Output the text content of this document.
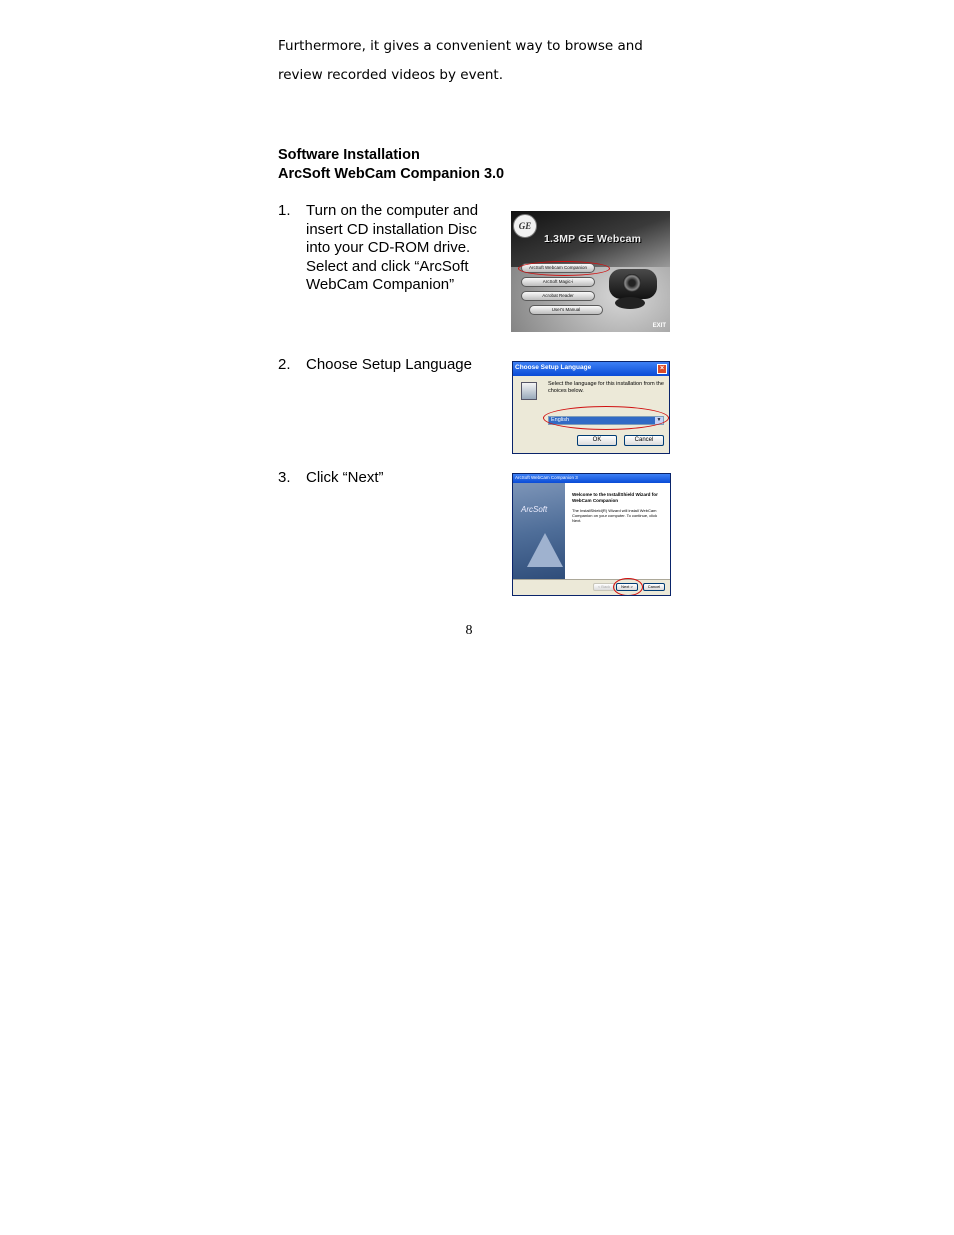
Furthermore, it gives a convenient way to browse and
review recorded videos by event.
Software Installation
ArcSoft WebCam Companion 3.0
1. Turn on the computer and insert CD installation Disc into your CD-ROM drive. Select and click “ArcSoft WebCam Companion”
2. Choose Setup Language
3. Click “Next”
GE
1.3MP GE Webcam
ArcSoft Webcam Companion
ArcSoft Magic-i
Acrobat Reader
User's Manual
EXIT
Choose Setup Language	×
Select the language for this installation from the choices below.
English	▼
OK	Cancel
ArcSoft WebCam Companion 3
ArcSoft
Welcome to the InstallShield Wizard for WebCam Companion
The InstallShield(R) Wizard will install WebCam Companion on your computer. To continue, click Next.
< Back	Next >	Cancel
8
